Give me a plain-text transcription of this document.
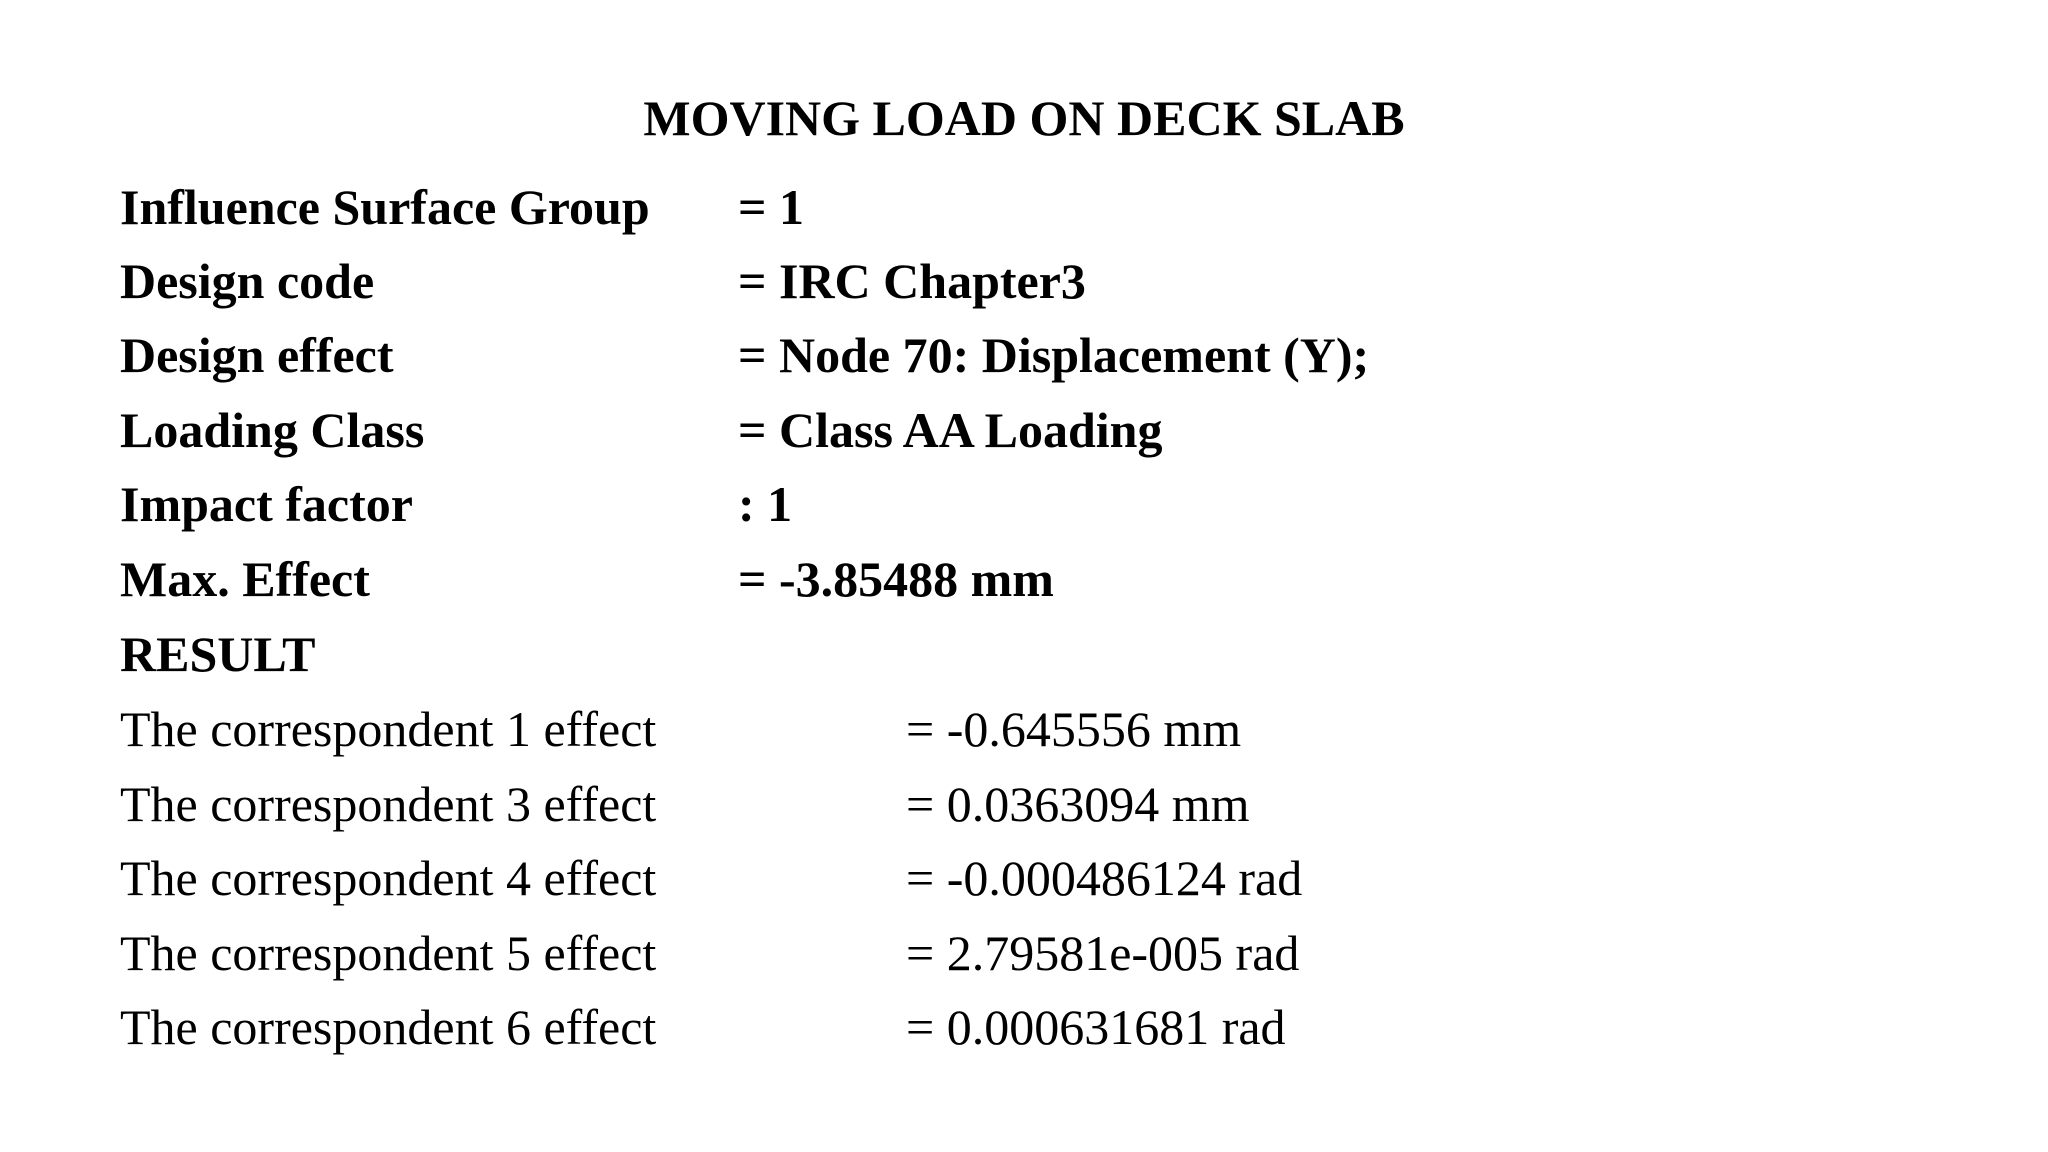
MOVING LOAD ON DECK SLAB
Influence Surface Group = 1
Design code	= IRC Chapter3
Design effect	= Node 70: Displacement (Y);
Loading Class	= Class AA Loading
Impact factor	: 1
Max. Effect	= -3.85488 mm
RESULT
The correspondent 1 effect	= -0.645556 mm
The correspondent 3 effect	= 0.0363094 mm
The correspondent 4 effect	= -0.000486124 rad
The correspondent 5 effect	= 2.79581e-005 rad
The correspondent 6 effect	= 0.000631681 rad
